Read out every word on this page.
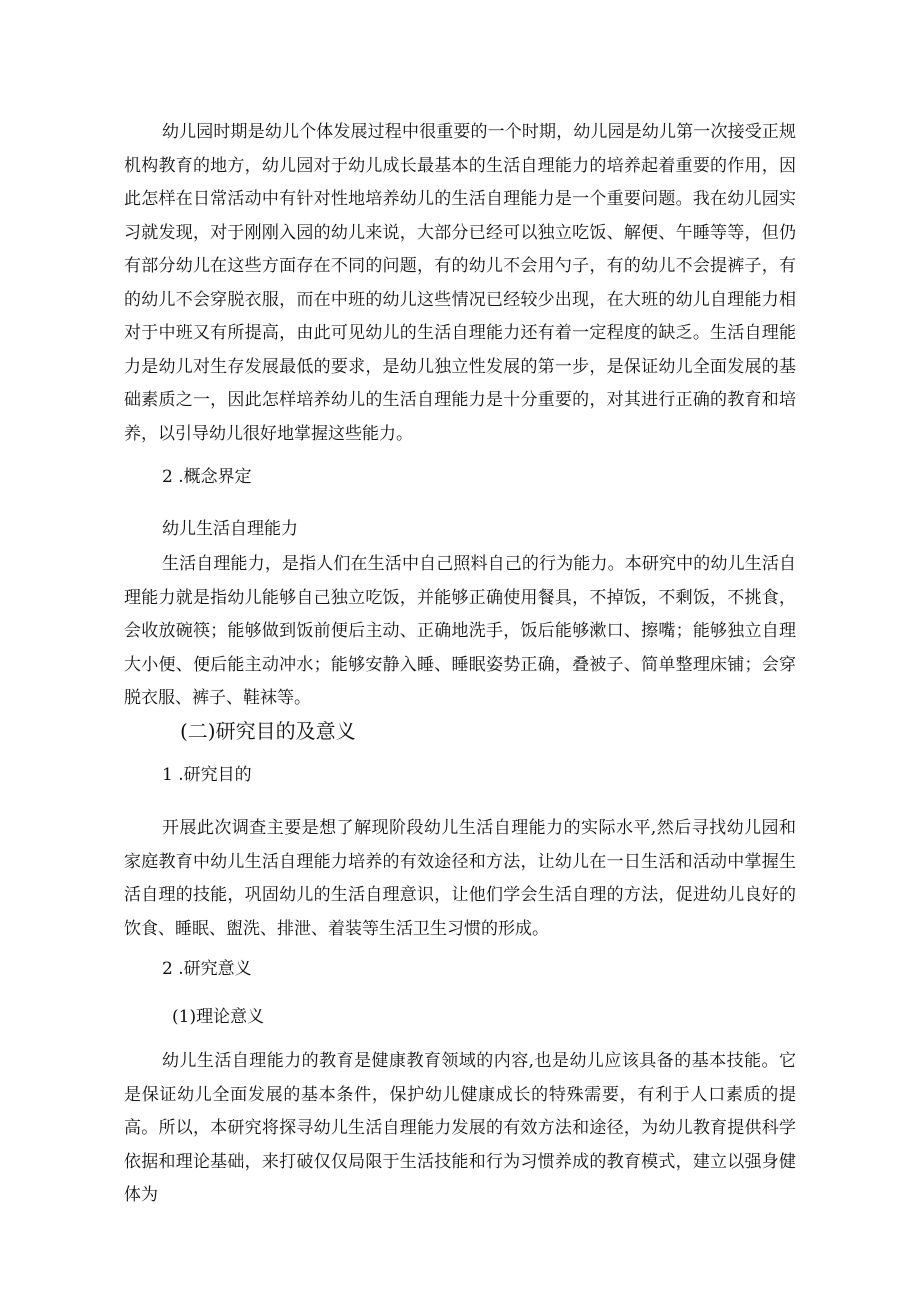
幼儿园时期是幼儿个体发展过程中很重要的一个时期，幼儿园是幼儿第一次接受正规机构教育的地方，幼儿园对于幼儿成长最基本的生活自理能力的培养起着重要的作用，因此怎样在日常活动中有针对性地培养幼儿的生活自理能力是一个重要问题。我在幼儿园实习就发现，对于刚刚入园的幼儿来说，大部分已经可以独立吃饭、解便、午睡等等，但仍有部分幼儿在这些方面存在不同的问题，有的幼儿不会用勺子，有的幼儿不会提裤子，有的幼儿不会穿脱衣服，而在中班的幼儿这些情况已经较少出现，在大班的幼儿自理能力相对于中班又有所提高，由此可见幼儿的生活自理能力还有着一定程度的缺乏。生活自理能力是幼儿对生存发展最低的要求，是幼儿独立性发展的第一步，是保证幼儿全面发展的基础素质之一，因此怎样培养幼儿的生活自理能力是十分重要的，对其进行正确的教育和培养，以引导幼儿很好地掌握这些能力。

2 .概念界定

幼儿生活自理能力

生活自理能力，是指人们在生活中自己照料自己的行为能力。本研究中的幼儿生活自理能力就是指幼儿能够自己独立吃饭，并能够正确使用餐具，不掉饭，不剩饭，不挑食，会收放碗筷；能够做到饭前便后主动、正确地洗手，饭后能够漱口、擦嘴；能够独立自理大小便、便后能主动冲水；能够安静入睡、睡眠姿势正确，叠被子、简单整理床铺；会穿脱衣服、裤子、鞋袜等。

(二)研究目的及意义

1 .研究目的

开展此次调查主要是想了解现阶段幼儿生活自理能力的实际水平,然后寻找幼儿园和家庭教育中幼儿生活自理能力培养的有效途径和方法，让幼儿在一日生活和活动中掌握生活自理的技能，巩固幼儿的生活自理意识，让他们学会生活自理的方法，促进幼儿良好的饮食、睡眠、盥洗、排泄、着装等生活卫生习惯的形成。

2 .研究意义

(1)理论意义

幼儿生活自理能力的教育是健康教育领域的内容,也是幼儿应该具备的基本技能。它是保证幼儿全面发展的基本条件，保护幼儿健康成长的特殊需要，有利于人口素质的提高。所以，本研究将探寻幼儿生活自理能力发展的有效方法和途径，为幼儿教育提供科学依据和理论基础，来打破仅仅局限于生活技能和行为习惯养成的教育模式，建立以强身健体为
